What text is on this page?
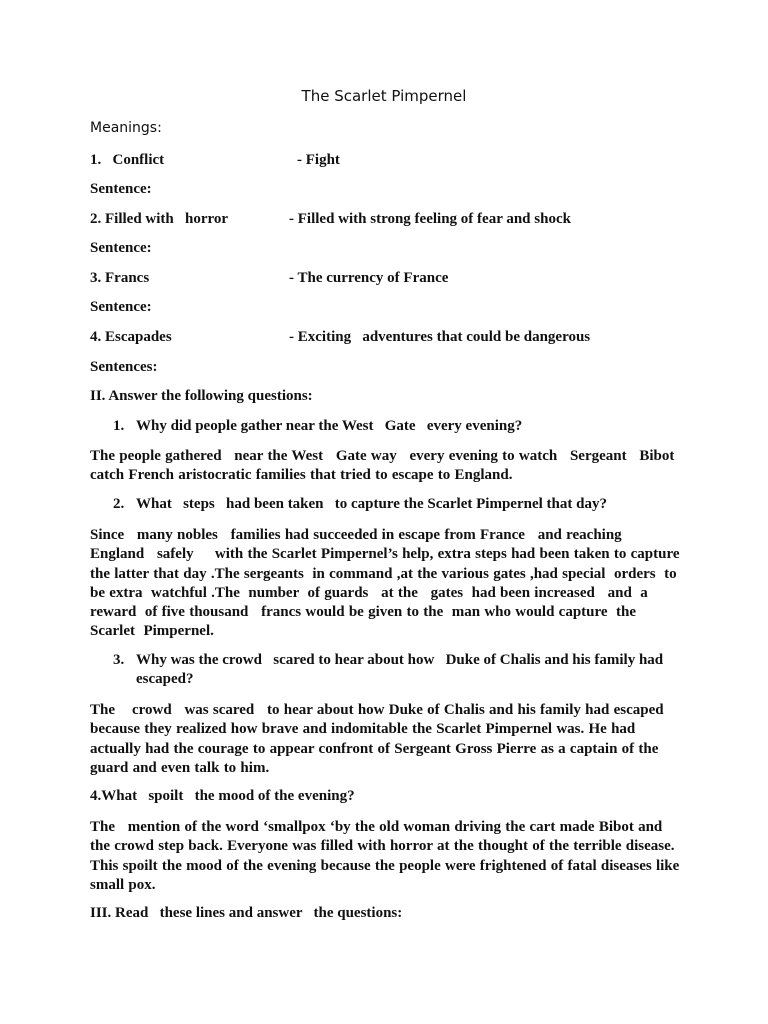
The Scarlet Pimpernel
Meanings:
1.   Conflict	- Fight
Sentence:
2. Filled with   horror	- Filled with strong feeling of fear and shock
Sentence:
3. Francs	- The currency of France
Sentence:
4. Escapades	- Exciting   adventures that could be dangerous
Sentences:
II. Answer the following questions:

1.

Why did people gather near the West   Gate   every evening?

The people gathered   near the West   Gate way   every evening to watch   Sergeant   Bibot
catch French aristocratic families that tried to escape to England.

2.

What   steps   had been taken   to capture the Scarlet Pimpernel that day?

Since   many nobles   families had succeeded in escape from France   and reaching
England   safely     with the Scarlet Pimpernel’s help, extra steps had been taken to capture
the latter that day .The sergeants  in command ,at the various gates ,had special  orders  to
be extra  watchful .The  number  of guards   at the   gates  had been increased   and  a
reward  of five thousand   francs would be given to the  man who would capture  the
Scarlet  Pimpernel.

3.

Why was the crowd   scared to hear about how   Duke of Chalis and his family had

escaped?

The    crowd   was scared   to hear about how Duke of Chalis and his family had escaped
because they realized how brave and indomitable the Scarlet Pimpernel was. He had
actually had the courage to appear confront of Sergeant Gross Pierre as a captain of the
guard and even talk to him.
4.What   spoilt   the mood of the evening?
The   mention of the word ‘smallpox ‘by the old woman driving the cart made Bibot and
the crowd step back. Everyone was filled with horror at the thought of the terrible disease.
This spoilt the mood of the evening because the people were frightened of fatal diseases like
small pox.
III. Read   these lines and answer   the questions:
